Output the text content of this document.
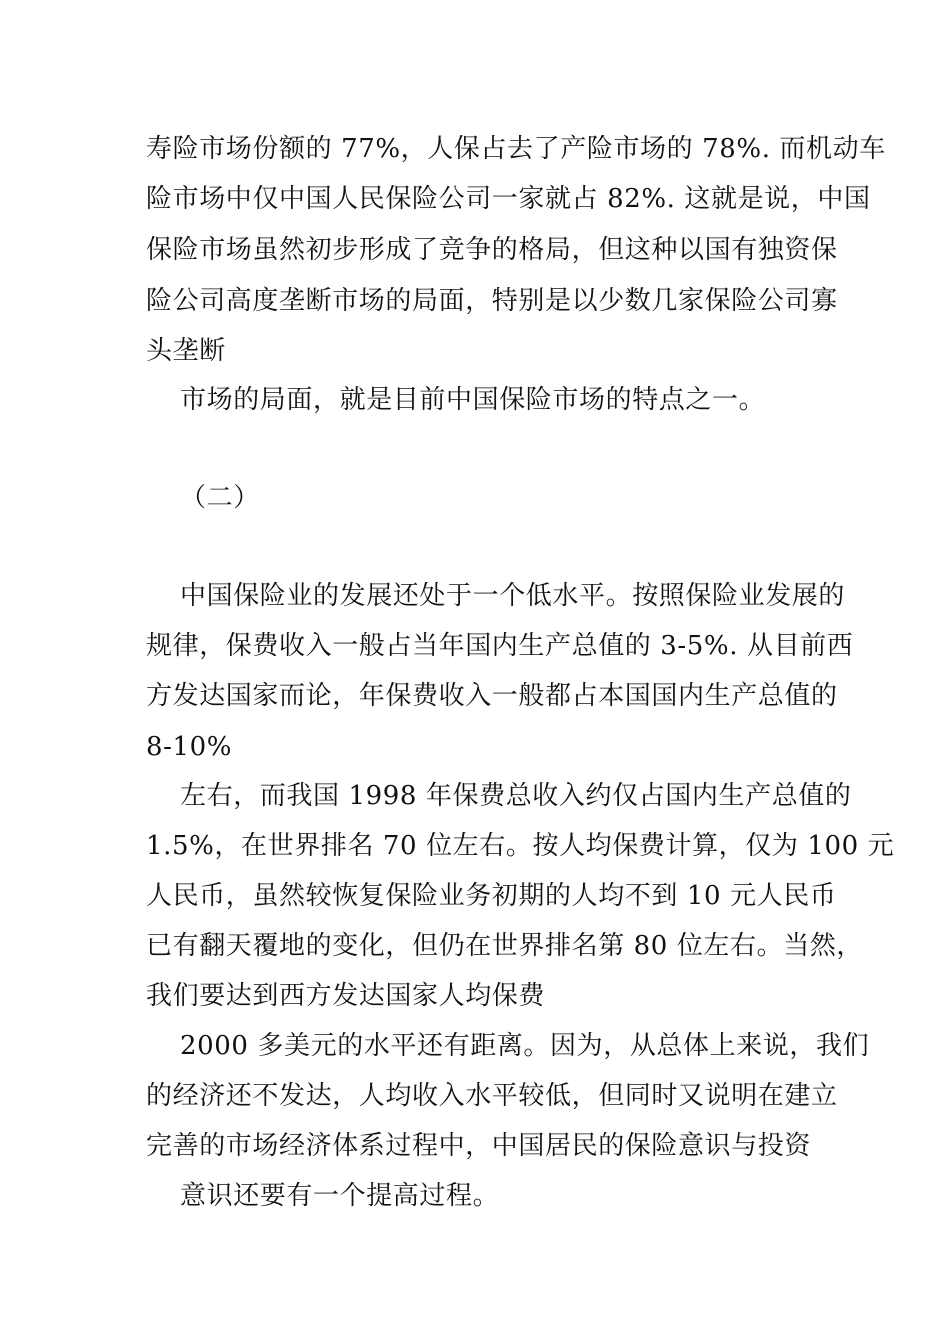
寿险市场份额的 77%，人保占去了产险市场的 78%. 而机动车
险市场中仅中国人民保险公司一家就占 82%. 这就是说，中国
保险市场虽然初步形成了竞争的格局，但这种以国有独资保
险公司高度垄断市场的局面，特别是以少数几家保险公司寡
头垄断
市场的局面，就是目前中国保险市场的特点之一。
（二）
中国保险业的发展还处于一个低水平。按照保险业发展的
规律，保费收入一般占当年国内生产总值的 3-5%. 从目前西
方发达国家而论，年保费收入一般都占本国国内生产总值的
8-10%
左右，而我国 1998 年保费总收入约仅占国内生产总值的
1.5%，在世界排名 70 位左右。按人均保费计算，仅为 100 元
人民币，虽然较恢复保险业务初期的人均不到 10 元人民币
已有翻天覆地的变化，但仍在世界排名第 80 位左右。当然，
我们要达到西方发达国家人均保费
2000 多美元的水平还有距离。因为，从总体上来说，我们
的经济还不发达，人均收入水平较低，但同时又说明在建立
完善的市场经济体系过程中，中国居民的保险意识与投资
意识还要有一个提高过程。
